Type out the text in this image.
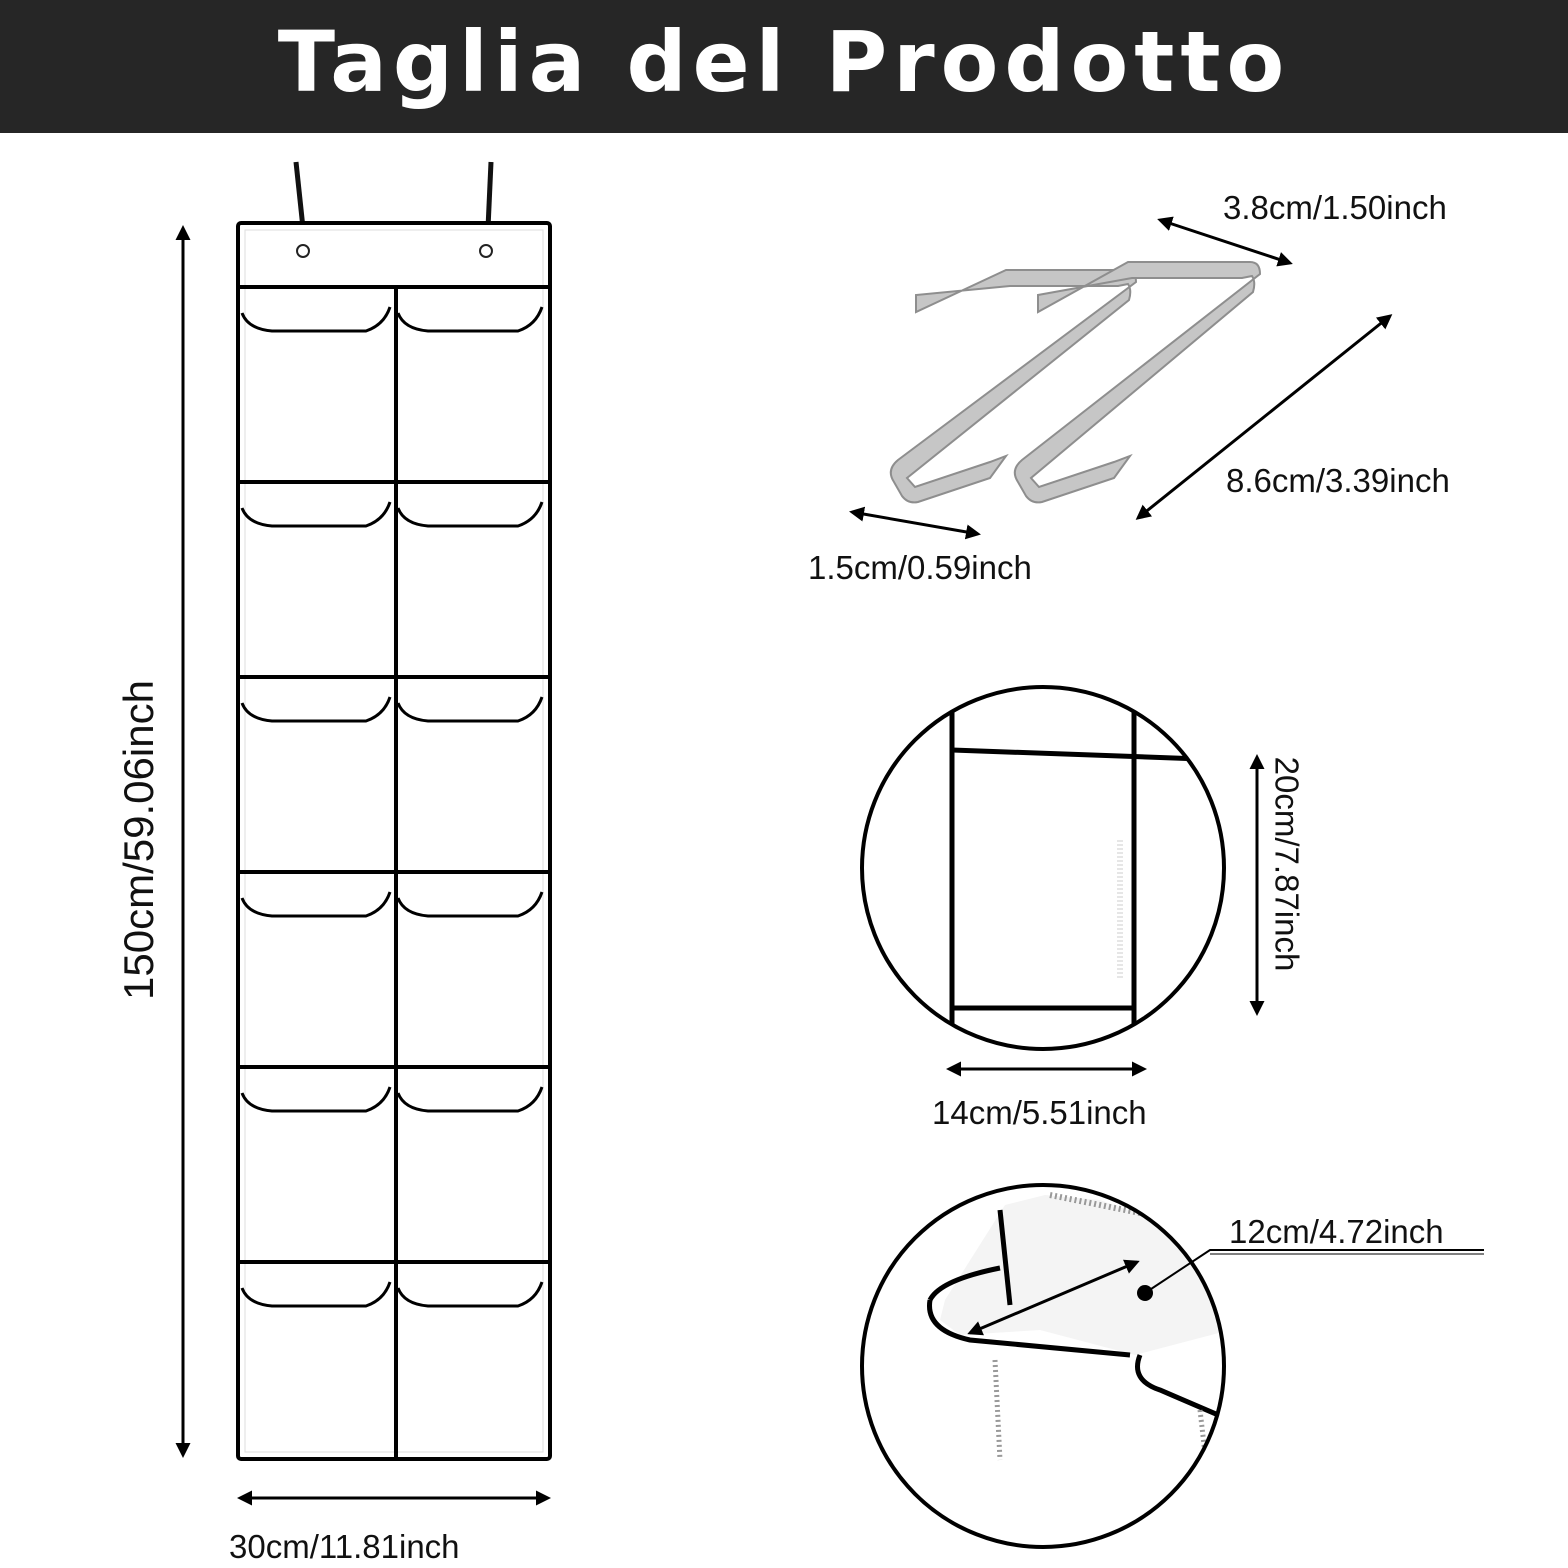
Taglia del Prodotto
150cm/59.06inch
30cm/11.81inch
3.8cm/1.50inch
8.6cm/3.39inch
1.5cm/0.59inch
20cm/7.87inch
14cm/5.51inch
12cm/4.72inch
